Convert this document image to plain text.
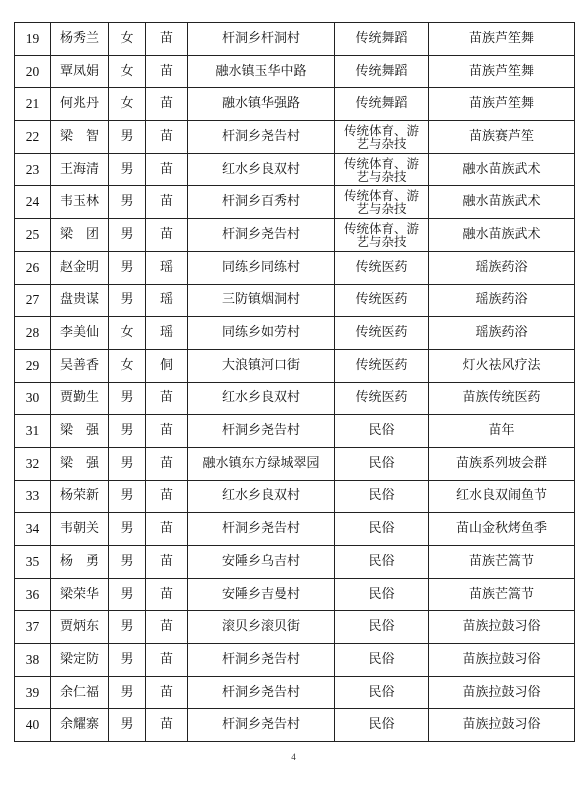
19	杨秀兰	女	苗	杆洞乡杆洞村	传统舞蹈	苗族芦笙舞
20	覃凤娟	女	苗	融水镇玉华中路	传统舞蹈	苗族芦笙舞
21	何兆丹	女	苗	融水镇华强路	传统舞蹈	苗族芦笙舞
22	梁　智	男	苗	杆洞乡尧告村	传统体育、游
艺与杂技	苗族赛芦笙
23	王海清	男	苗	红水乡良双村	传统体育、游
艺与杂技	融水苗族武术
24	韦玉林	男	苗	杆洞乡百秀村	传统体育、游
艺与杂技	融水苗族武术
25	梁　团	男	苗	杆洞乡尧告村	传统体育、游
艺与杂技	融水苗族武术
26	赵金明	男	瑶	同练乡同练村	传统医药	瑶族药浴
27	盘贵谋	男	瑶	三防镇烟洞村	传统医药	瑶族药浴
28	李美仙	女	瑶	同练乡如劳村	传统医药	瑶族药浴
29	吴善香	女	侗	大浪镇河口街	传统医药	灯火祛风疗法
30	贾勤生	男	苗	红水乡良双村	传统医药	苗族传统医药
31	梁　强	男	苗	杆洞乡尧告村	民俗	苗年
32	梁　强	男	苗	融水镇东方绿城翠园	民俗	苗族系列坡会群
33	杨荣新	男	苗	红水乡良双村	民俗	红水良双闹鱼节
34	韦朝关	男	苗	杆洞乡尧告村	民俗	苗山金秋烤鱼季
35	杨　勇	男	苗	安陲乡乌吉村	民俗	苗族芒篙节
36	梁荣华	男	苗	安陲乡吉曼村	民俗	苗族芒篙节
37	贾炳东	男	苗	滚贝乡滚贝街	民俗	苗族拉鼓习俗
38	梁定防	男	苗	杆洞乡尧告村	民俗	苗族拉鼓习俗
39	余仁福	男	苗	杆洞乡尧告村	民俗	苗族拉鼓习俗
40	余耀寨	男	苗	杆洞乡尧告村	民俗	苗族拉鼓习俗
4
